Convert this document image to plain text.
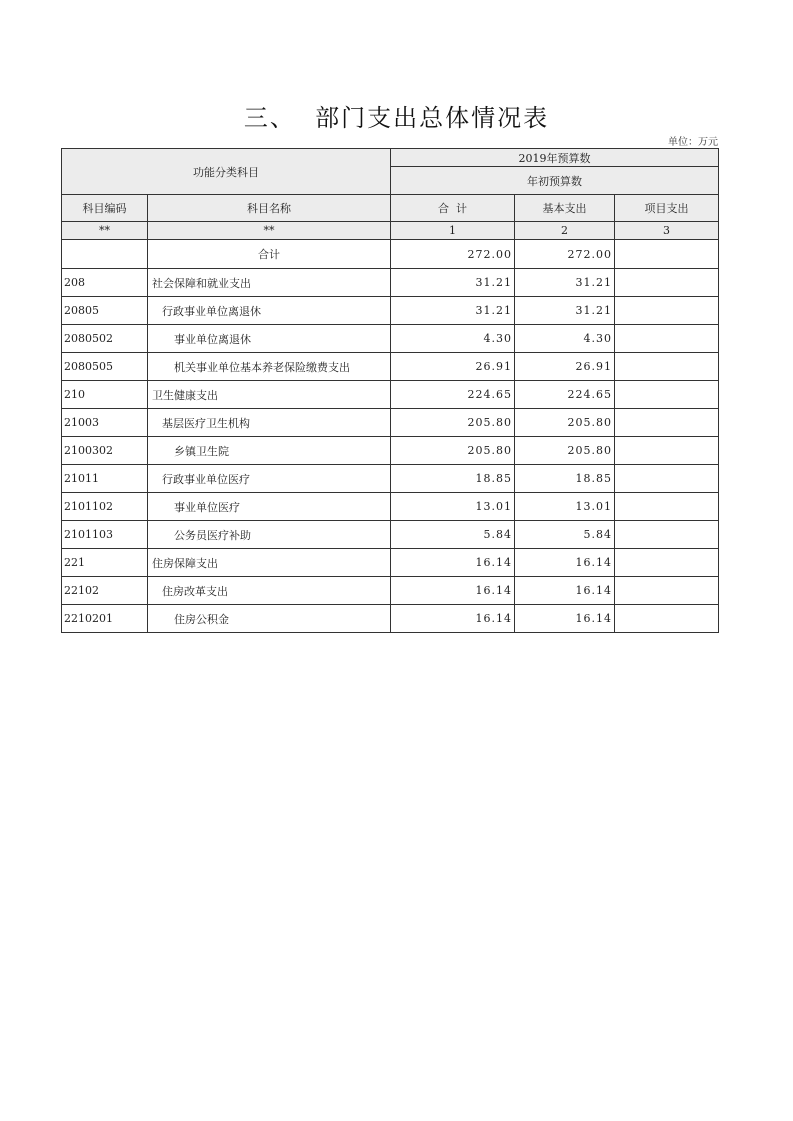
三、  部门支出总体情况表
单位：万元
功能分类科目		2019年预算数		
		年初预算数		
科目编码	科目名称	合  计	基本支出	项目支出
**	**	1	2	3
	合计	272.00	272.00	
208	社会保障和就业支出	31.21	31.21	
20805	行政事业单位离退休	31.21	31.21	
2080502	事业单位离退休	4.30	4.30	
2080505	机关事业单位基本养老保险缴费支出	26.91	26.91	
210	卫生健康支出	224.65	224.65	
21003	基层医疗卫生机构	205.80	205.80	
2100302	乡镇卫生院	205.80	205.80	
21011	行政事业单位医疗	18.85	18.85	
2101102	事业单位医疗	13.01	13.01	
2101103	公务员医疗补助	5.84	5.84	
221	住房保障支出	16.14	16.14	
22102	住房改革支出	16.14	16.14	
2210201	住房公积金	16.14	16.14	
